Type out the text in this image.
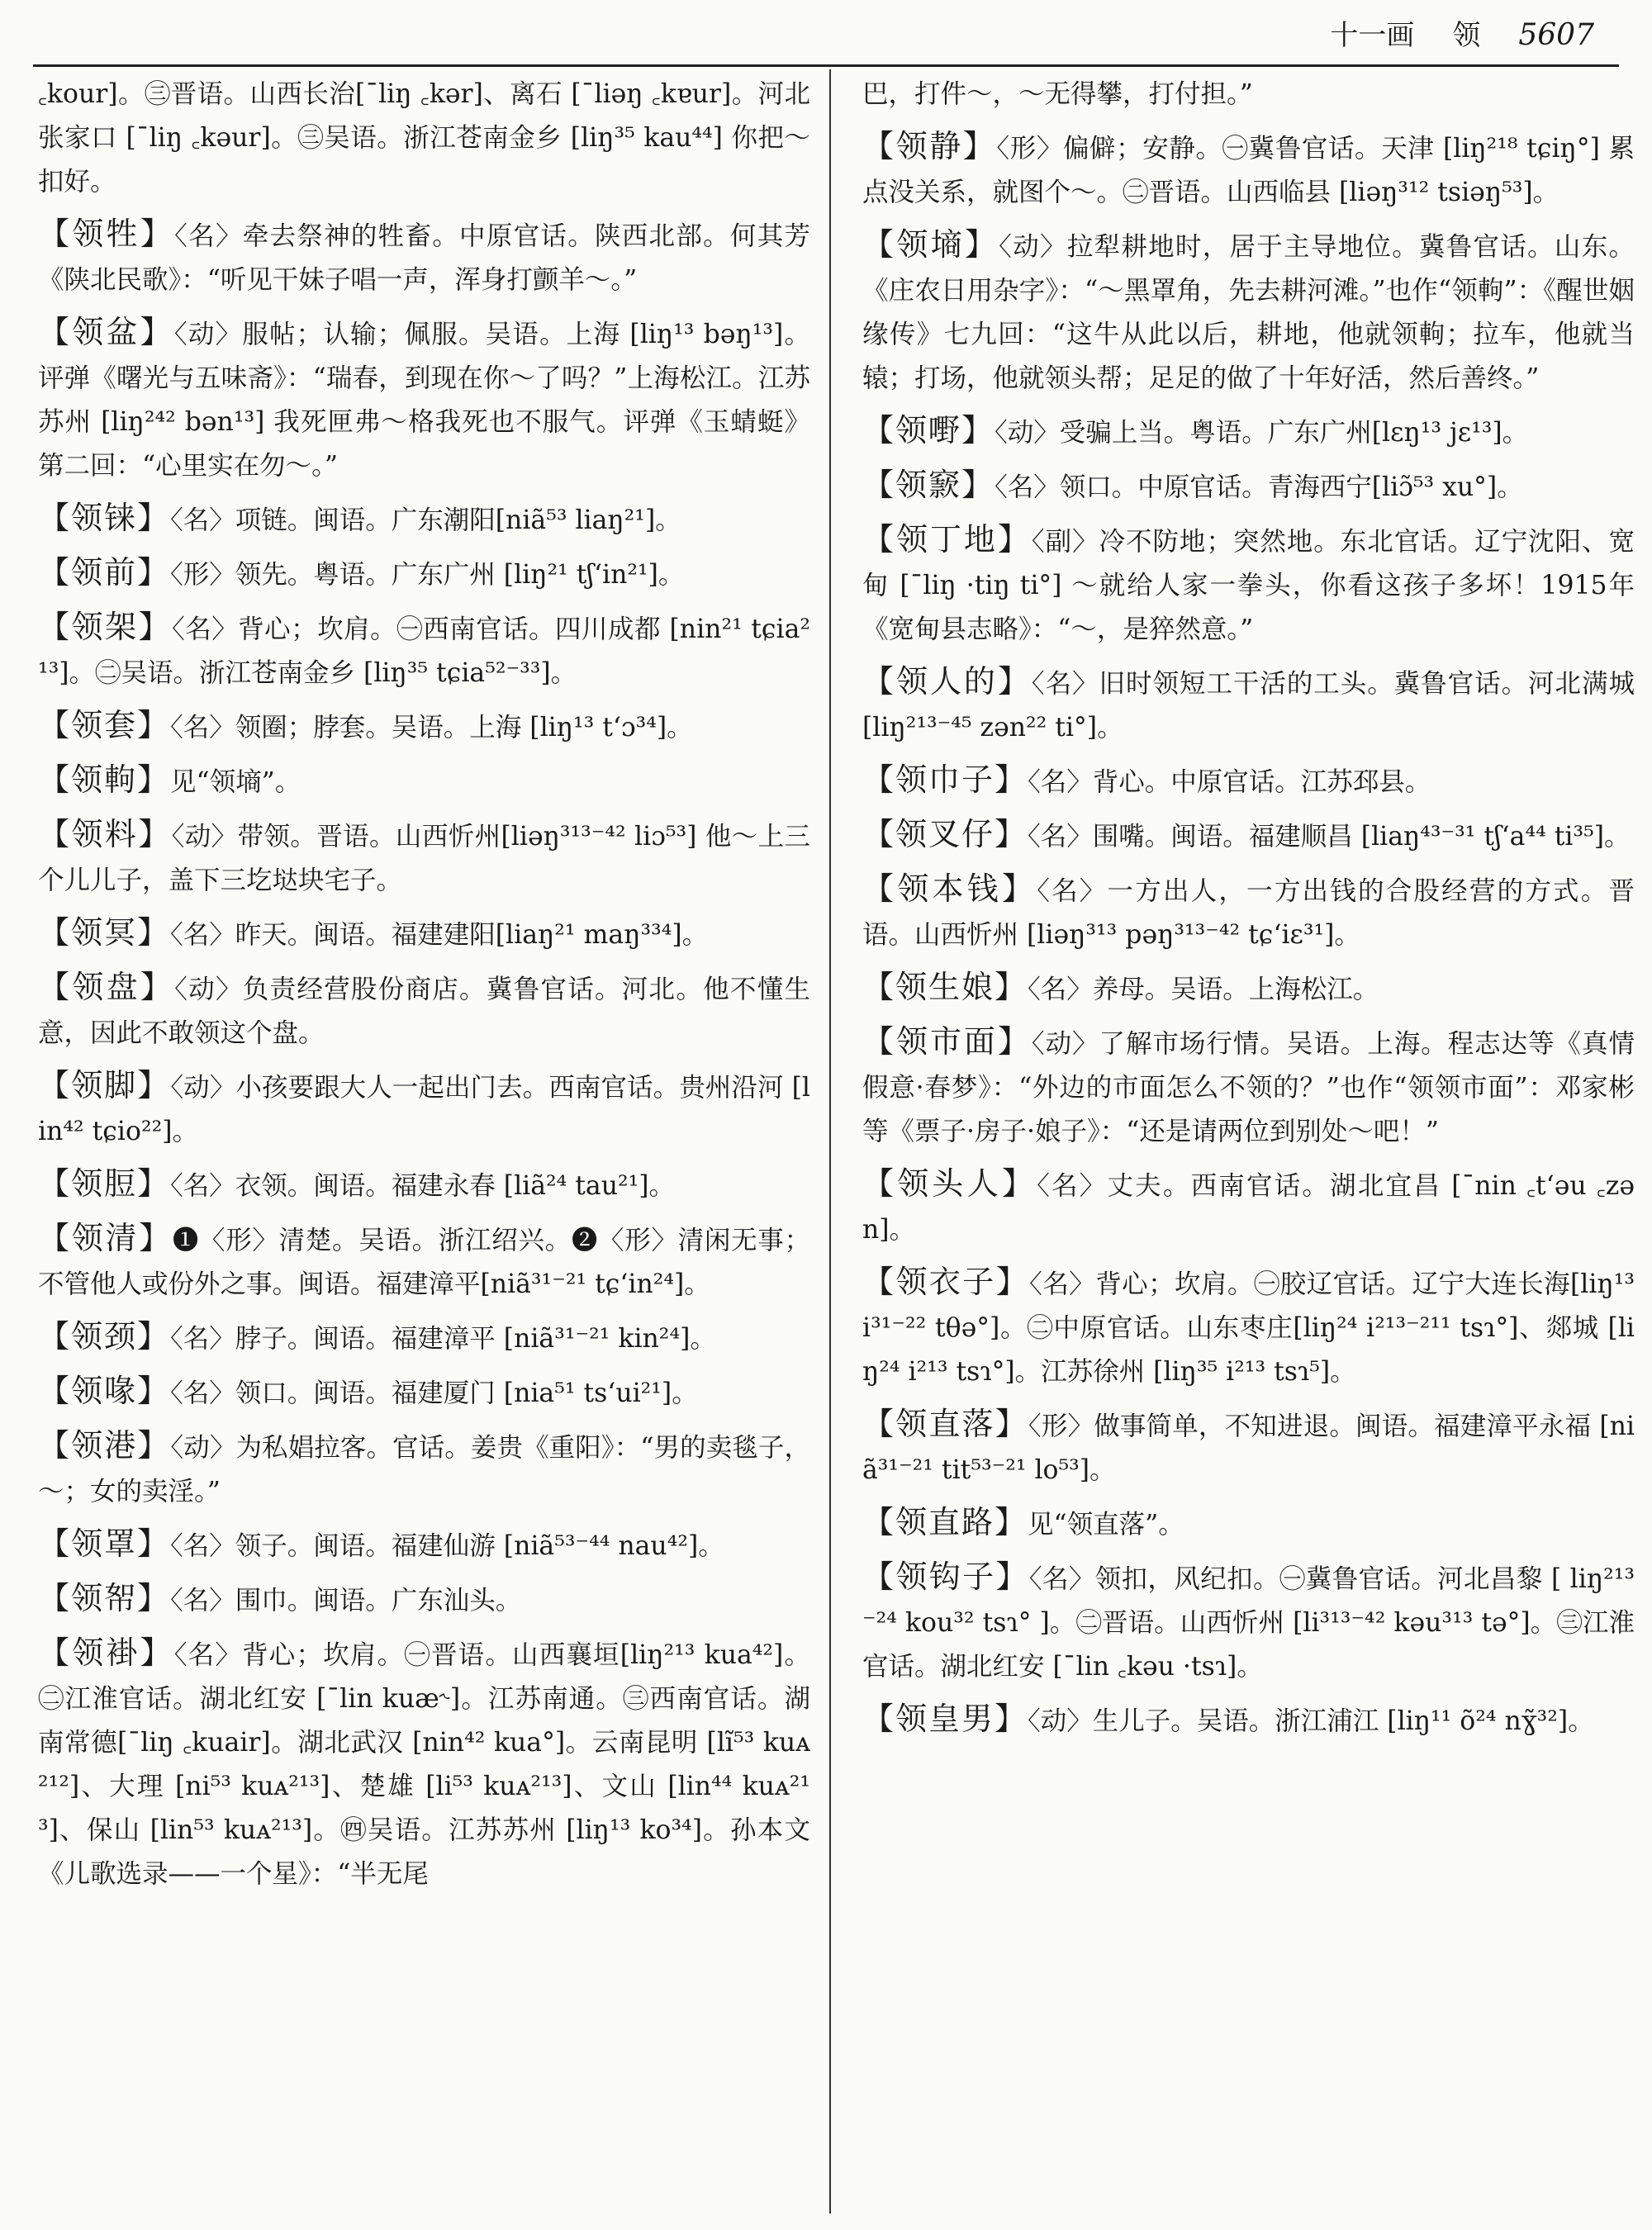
十一画 领 5607
꜀kour]。㊂晋语。山西长治[ˉliŋ ꜀kər]、离石 [ˉliəŋ ꜀kɐur]。河北张家口 [ˉliŋ ꜀kəur]。㊂吴语。浙江苍南金乡 [liŋ³⁵ kau⁴⁴] 你把～扣好。
【领牲】〈名〉牵去祭神的牲畜。中原官话。陕西北部。何其芳《陕北民歌》：“听见干妹子唱一声，浑身打颤羊～。”
【领盆】〈动〉服帖；认输；佩服。吴语。上海 [liŋ¹³ bəŋ¹³]。评弹《曙光与五味斋》：“瑞春，到现在你～了吗？”上海松江。江苏苏州 [liŋ²⁴² bən¹³] 我死匣弗～格我死也不服气。评弹《玉蜻蜓》第二回：“心里实在勿～。”
【领铼】〈名〉项链。闽语。广东潮阳[niã⁵³ liaŋ²¹]。
【领前】〈形〉领先。粤语。广东广州 [liŋ²¹ tʃʻin²¹]。
【领架】〈名〉背心；坎肩。㊀西南官话。四川成都 [nin²¹ tɕia²¹³]。㊁吴语。浙江苍南金乡 [liŋ³⁵ tɕia⁵²⁻³³]。
【领套】〈名〉领圈；脖套。吴语。上海 [liŋ¹³ tʻɔ³⁴]。
【领軥】见“领墒”。
【领料】〈动〉带领。晋语。山西忻州[liəŋ³¹³⁻⁴² liɔ⁵³] 他～上三个儿儿子，盖下三圪垯块宅子。
【领冥】〈名〉昨天。闽语。福建建阳[liaŋ²¹ maŋ³³⁴]。
【领盘】〈动〉负责经营股份商店。冀鲁官话。河北。他不懂生意，因此不敢领这个盘。
【领脚】〈动〉小孩要跟大人一起出门去。西南官话。贵州沿河 [lin⁴² tɕio²²]。
【领脰】〈名〉衣领。闽语。福建永春 [liã²⁴ tau²¹]。
【领清】❶〈形〉清楚。吴语。浙江绍兴。❷〈形〉清闲无事；不管他人或份外之事。闽语。福建漳平[niã³¹⁻²¹ tɕʻin²⁴]。
【领颈】〈名〉脖子。闽语。福建漳平 [niã³¹⁻²¹ kin²⁴]。
【领喙】〈名〉领口。闽语。福建厦门 [nia⁵¹ tsʻui²¹]。
【领港】〈动〉为私娼拉客。官话。姜贵《重阳》：“男的卖毯子，～；女的卖淫。”
【领罩】〈名〉领子。闽语。福建仙游 [niã⁵³⁻⁴⁴ nau⁴²]。
【领帤】〈名〉围巾。闽语。广东汕头。
【领褂】〈名〉背心；坎肩。㊀晋语。山西襄垣[liŋ²¹³ kua⁴²]。㊁江淮官话。湖北红安 [ˉlin kuæ˞]。江苏南通。㊂西南官话。湖南常德[ˉliŋ ꜀kuair]。湖北武汉 [nin⁴² kua°]。云南昆明 [lĩ⁵³ kuᴀ²¹²]、大理 [ni⁵³ kuᴀ²¹³]、楚雄 [li⁵³ kuᴀ²¹³]、文山 [lin⁴⁴ kuᴀ²¹³]、保山 [lin⁵³ kuᴀ²¹³]。㊃吴语。江苏苏州 [liŋ¹³ ko³⁴]。孙本文《儿歌选录——一个星》：“半无尾
巴，打件～，～无得攀，打付担。”
【领静】〈形〉偏僻；安静。㊀冀鲁官话。天津 [liŋ²¹⁸ tɕiŋ°] 累点没关系，就图个～。㊁晋语。山西临县 [liəŋ³¹² tsiəŋ⁵³]。
【领墒】〈动〉拉犁耕地时，居于主导地位。冀鲁官话。山东。《庄农日用杂字》：“～黑罩角，先去耕河滩。”也作“领軥”：《醒世姻缘传》七九回：“这牛从此以后，耕地，他就领軥；拉车，他就当辕；打场，他就领头帮；足足的做了十年好活，然后善终。”
【领嘢】〈动〉受骗上当。粤语。广东广州[lɛŋ¹³ jɛ¹³]。
【领窾】〈名〉领口。中原官话。青海西宁[liɔ̃⁵³ xu°]。
【领丁地】〈副〉冷不防地；突然地。东北官话。辽宁沈阳、宽甸 [ˉliŋ ·tiŋ ti°] ～就给人家一拳头，你看这孩子多坏！1915年《宽甸县志略》：“～，是猝然意。”
【领人的】〈名〉旧时领短工干活的工头。冀鲁官话。河北满城 [liŋ²¹³⁻⁴⁵ zən²² ti°]。
【领巾子】〈名〉背心。中原官话。江苏邳县。
【领叉仔】〈名〉围嘴。闽语。福建顺昌 [liaŋ⁴³⁻³¹ tʃʻa⁴⁴ ti³⁵]。
【领本钱】〈名〉一方出人，一方出钱的合股经营的方式。晋语。山西忻州 [liəŋ³¹³ pəŋ³¹³⁻⁴² tɕʻiɛ³¹]。
【领生娘】〈名〉养母。吴语。上海松江。
【领市面】〈动〉了解市场行情。吴语。上海。程志达等《真情假意·春梦》：“外边的市面怎么不领的？”也作“领领市面”：邓家彬等《票子·房子·娘子》：“还是请两位到别处～吧！”
【领头人】〈名〉丈夫。西南官话。湖北宜昌 [ˉnin ꜀tʻəu ꜀zən]。
【领衣子】〈名〉背心；坎肩。㊀胶辽官话。辽宁大连长海[liŋ¹³ i³¹⁻²² tθə°]。㊁中原官话。山东枣庄[liŋ²⁴ i²¹³⁻²¹¹ tsɿ°]、郯城 [liŋ²⁴ i²¹³ tsɿ°]。江苏徐州 [liŋ³⁵ i²¹³ tsɿ⁵]。
【领直落】〈形〉做事简单，不知进退。闽语。福建漳平永福 [niã³¹⁻²¹ tit⁵³⁻²¹ lo⁵³]。
【领直路】见“领直落”。
【领钩子】〈名〉领扣，风纪扣。㊀冀鲁官话。河北昌黎 [ liŋ²¹³⁻²⁴ kou³² tsɿ° ]。㊁晋语。山西忻州 [li³¹³⁻⁴² kəu³¹³ tə°]。㊂江淮官话。湖北红安 [ˉlin ꜀kəu ·tsɿ]。
【领皇男】〈动〉生儿子。吴语。浙江浦江 [liŋ¹¹ õ²⁴ nɣ̃³²]。
